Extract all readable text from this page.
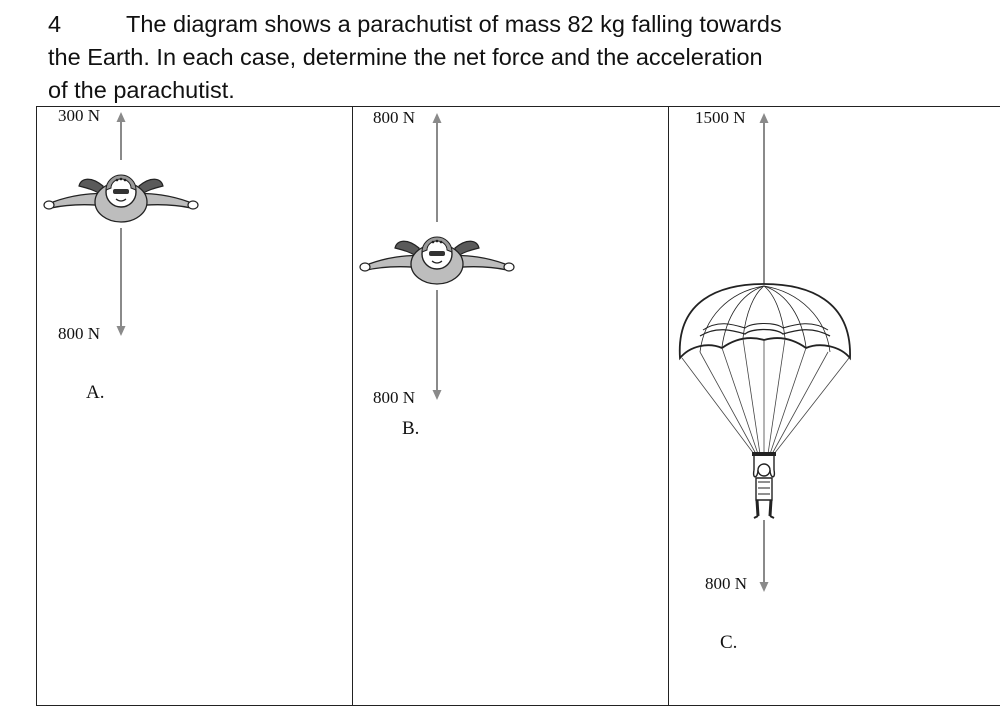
4	The diagram shows a parachutist of mass 82 kg falling towards
the Earth. In each case, determine the net force and the acceleration
of the parachutist.
300 N
800 N
A.
800 N
800 N
B.
1500 N
800 N
C.
